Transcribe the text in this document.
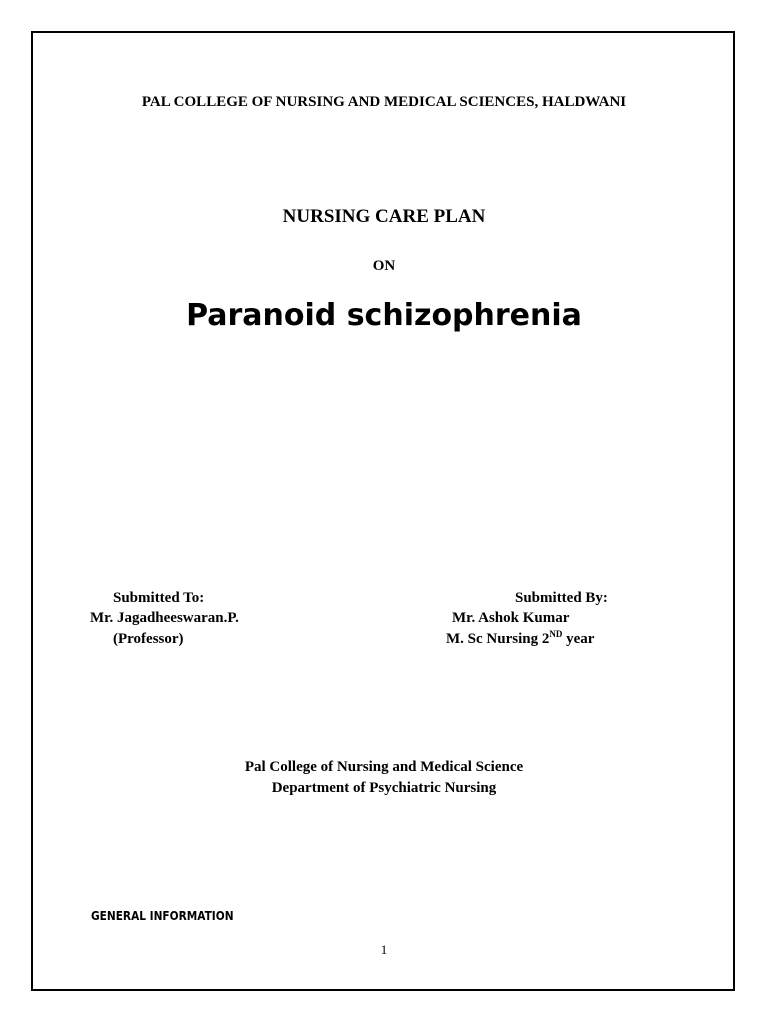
PAL COLLEGE OF NURSING AND MEDICAL SCIENCES, HALDWANI
NURSING CARE PLAN
ON
Paranoid schizophrenia
Submitted To:
Mr. Jagadheeswaran.P.
(Professor)
Submitted By:
Mr. Ashok Kumar
M. Sc Nursing 2ND year
Pal College of Nursing and Medical Science
Department of Psychiatric Nursing
GENERAL INFORMATION
1
